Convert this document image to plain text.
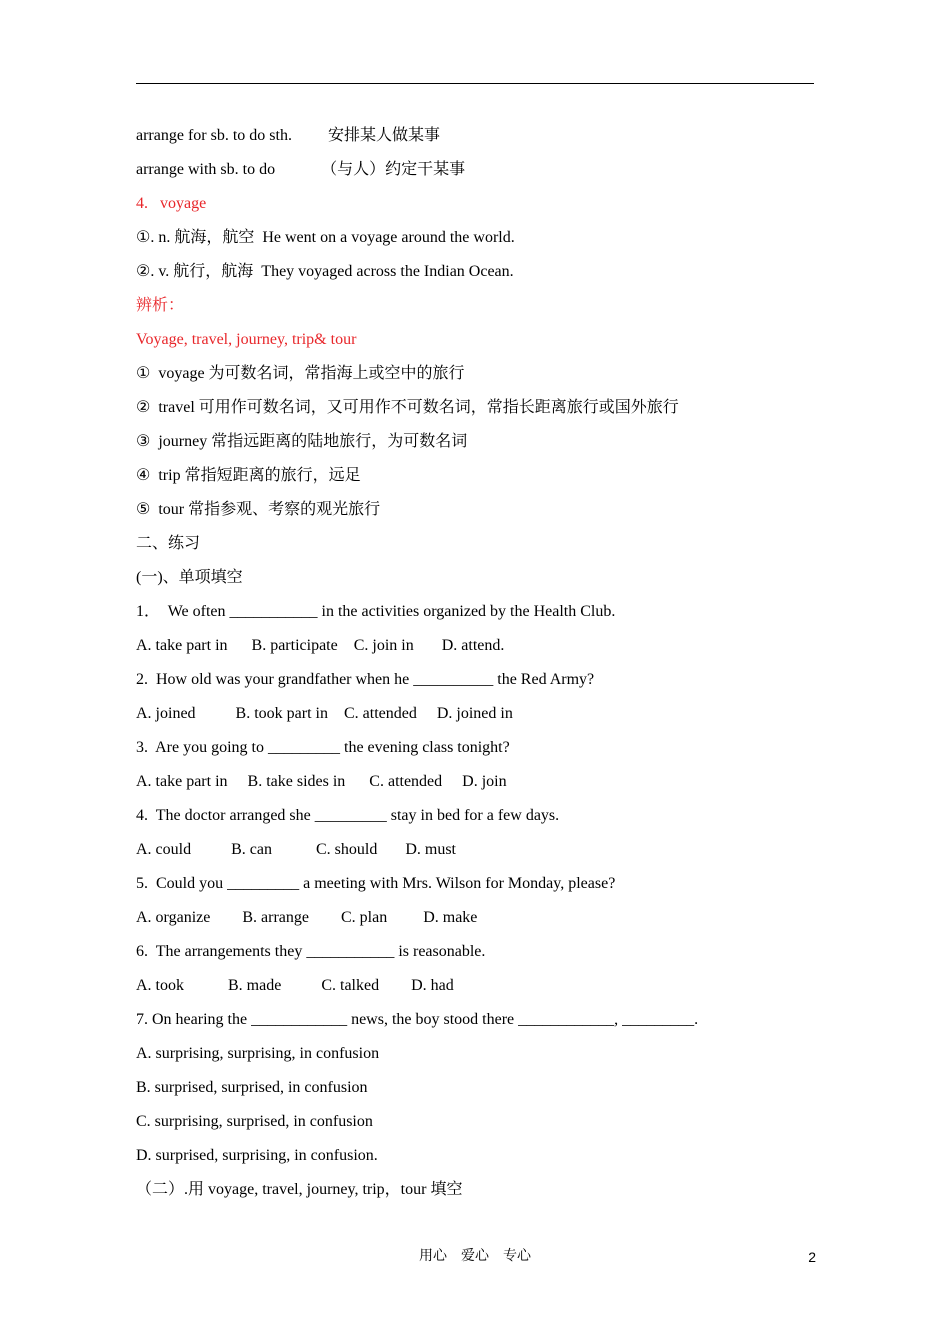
arrange for sb. to do sth. 安排某人做某事
arrange with sb. to do	（与人）约定干某事
4.   voyage
①. n. 航海，航空  He went on a voyage around the world.
②. v. 航行，航海  They voyaged across the Indian Ocean.
辨析：
Voyage, travel, journey, trip& tour
①  voyage 为可数名词，常指海上或空中的旅行
②  travel 可用作可数名词，又可用作不可数名词，常指长距离旅行或国外旅行
③  journey 常指远距离的陆地旅行，为可数名词
④  trip 常指短距离的旅行，远足
⑤  tour 常指参观、考察的观光旅行
二、练习
(一)、单项填空
1．  We often ___________ in the activities organized by the Health Club.
A. take part in      B. participate    C. join in       D. attend.
2.  How old was your grandfather when he __________ the Red Army?
A. joined          B. took part in    C. attended     D. joined in
3.  Are you going to _________ the evening class tonight?
A. take part in     B. take sides in      C. attended     D. join
4.  The doctor arranged she _________ stay in bed for a few days.
A. could          B. can           C. should       D. must
5.  Could you _________ a meeting with Mrs. Wilson for Monday, please?
A. organize        B. arrange        C. plan         D. make
6.  The arrangements they ___________ is reasonable.
A. took           B. made          C. talked        D. had
7. On hearing the ____________ news, the boy stood there ____________, _________.
A. surprising, surprising, in confusion
B. surprised, surprised, in confusion
C. surprising, surprised, in confusion
D. surprised, surprising, in confusion.
（二）.用 voyage, travel, journey, trip，tour 填空
用心    爱心    专心	2
